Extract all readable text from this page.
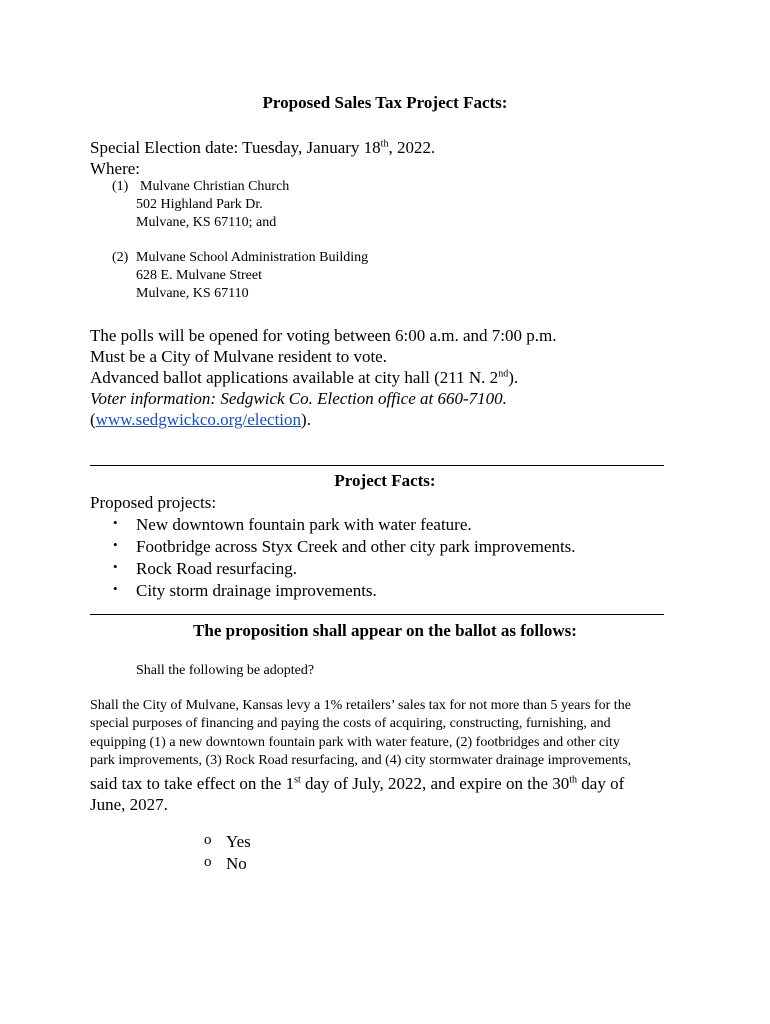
Proposed Sales Tax Project Facts:
Special Election date: Tuesday, January 18th, 2022.
Where:
(1) Mulvane Christian Church
502 Highland Park Dr.
Mulvane, KS 67110; and
(2) Mulvane School Administration Building
628 E. Mulvane Street
Mulvane, KS 67110
The polls will be opened for voting between 6:00 a.m. and 7:00 p.m.
Must be a City of Mulvane resident to vote.
Advanced ballot applications available at city hall (211 N. 2nd).
Voter information: Sedgwick Co. Election office at 660-7100.
(www.sedgwickco.org/election).
Project Facts:
Proposed projects:
• New downtown fountain park with water feature.
• Footbridge across Styx Creek and other city park improvements.
• Rock Road resurfacing.
• City storm drainage improvements.
The proposition shall appear on the ballot as follows:
Shall the following be adopted?
Shall the City of Mulvane, Kansas levy a 1% retailers’ sales tax for not more than 5 years for the
special purposes of financing and paying the costs of acquiring, constructing, furnishing, and
equipping (1) a new downtown fountain park with water feature, (2) footbridges and other city
park improvements, (3) Rock Road resurfacing, and (4) city stormwater drainage improvements,
said tax to take effect on the 1st day of July, 2022, and expire on the 30th day of
June, 2027.
o Yes
o No
